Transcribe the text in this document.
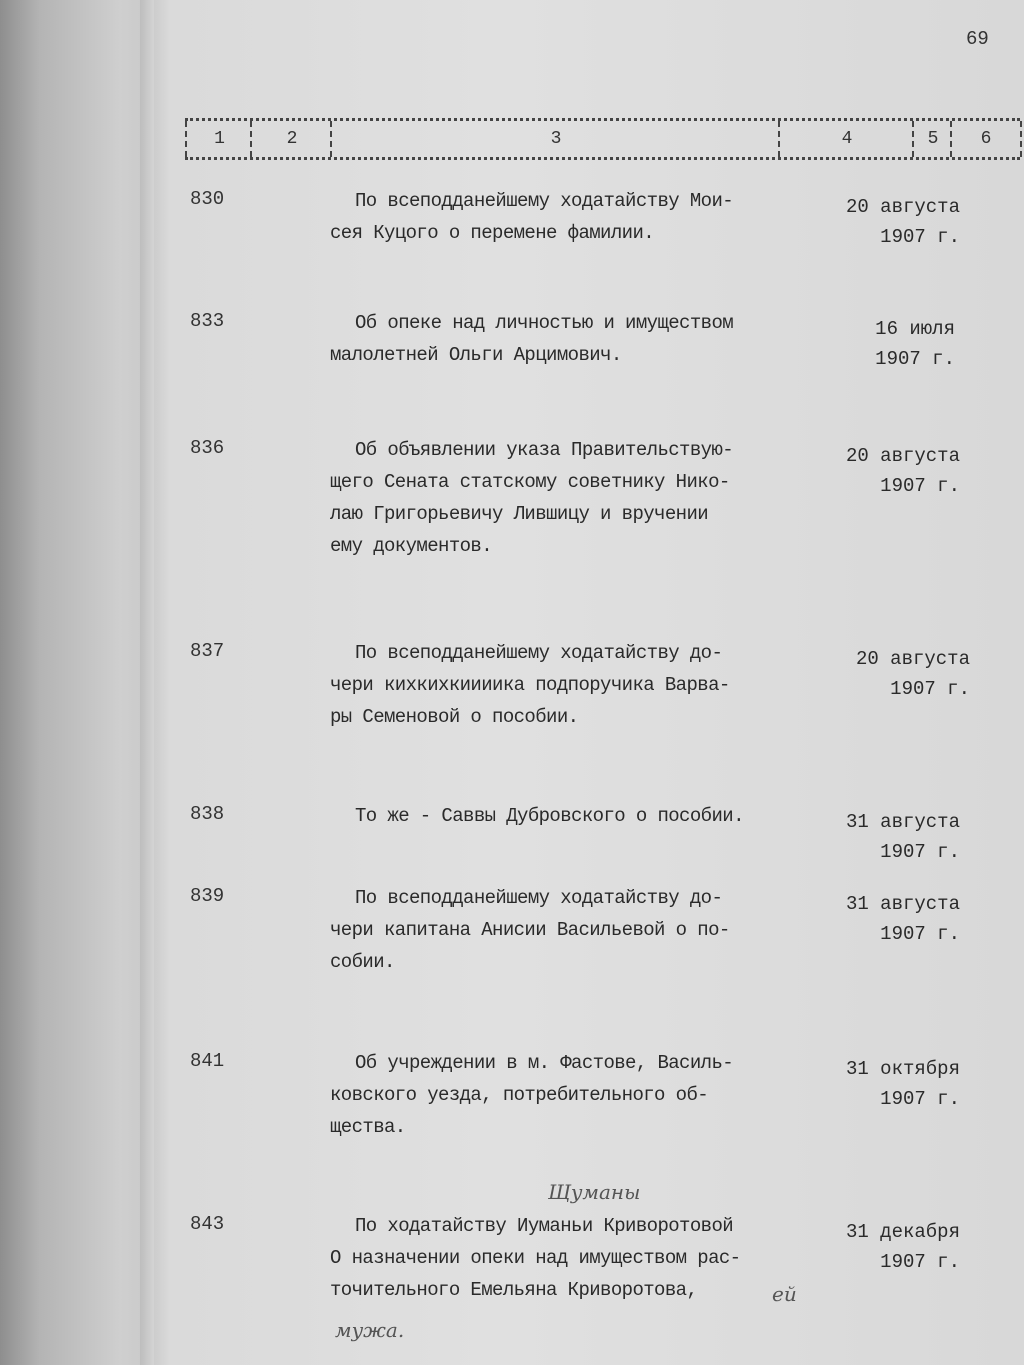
69
1	2	3	4	5	6
830	По всеподданейшему ходатайству Мои-
сея Куцого о перемене фамилии.
20 августа
1907 г.
833	Об опеке над личностью и имуществом
малолетней Ольги Арцимович.
16 июля
1907 г.
836	Об объявлении указа Правительствую-
щего Сената статскому советнику Нико-
лаю Григорьевичу Лившицу и вручении
ему документов.
20 августа
1907 г.
837	По всеподданейшему ходатайству до-
чери кихкихкиииика подпоручика Варва-
ры Семеновой о пособии.
20 августа
1907 г.
838	То же - Саввы Дубровского о пособии.	31 августа
1907 г.
839	По всеподданейшему ходатайству до-
чери капитана Анисии Васильевой о по-
собии.
31 августа
1907 г.
841	Об учреждении в м. Фастове, Василь-
ковского уезда, потребительного об-
щества.
31 октября
1907 г.
843	По ходатайству Иуманьи Криворотовой
О назначении опеки над имуществом рас-
точительного Емельяна Криворотова,
31 декабря
1907 г.
Щуманы
ей
мужа.
